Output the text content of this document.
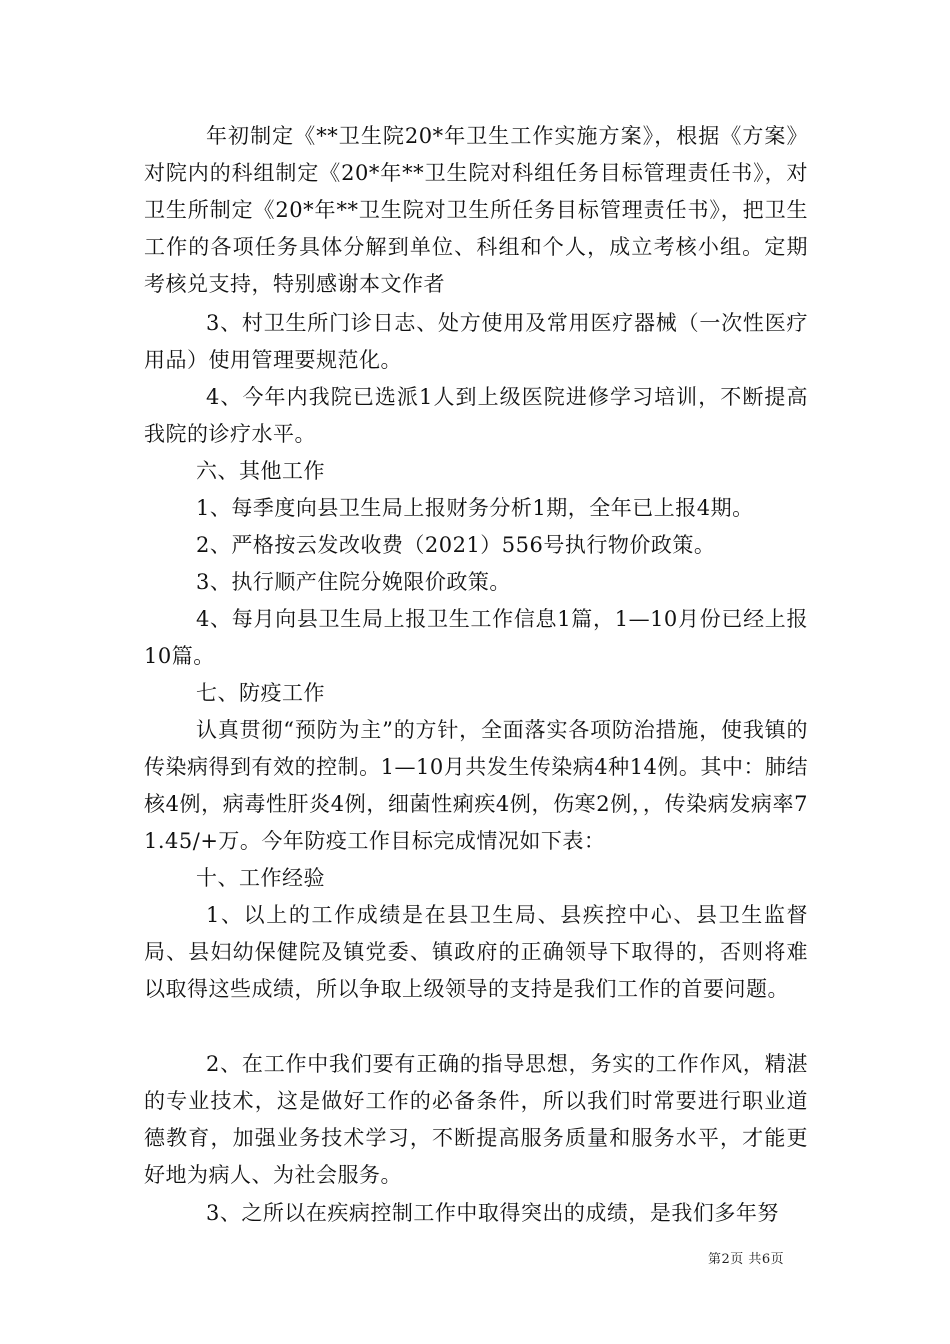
年初制定《**卫生院20*年卫生工作实施方案》，根据《方案》对院内的科组制定《20*年**卫生院对科组任务目标管理责任书》，对卫生所制定《20*年**卫生院对卫生所任务目标管理责任书》，把卫生工作的各项任务具体分解到单位、科组和个人，成立考核小组。定期考核兑支持，特别感谢本文作者

3、村卫生所门诊日志、处方使用及常用医疗器械（一次性医疗用品）使用管理要规范化。

4、今年内我院已选派1人到上级医院进修学习培训，不断提高我院的诊疗水平。

六、其他工作

1、每季度向县卫生局上报财务分析1期，全年已上报4期。

2、严格按云发改收费（2021）556号执行物价政策。

3、执行顺产住院分娩限价政策。

4、每月向县卫生局上报卫生工作信息1篇，1—10月份已经上报10篇。

七、防疫工作

认真贯彻“预防为主”的方针，全面落实各项防治措施，使我镇的传染病得到有效的控制。1—10月共发生传染病4种14例。其中：肺结核4例，病毒性肝炎4例，细菌性痢疾4例，伤寒2例，，传染病发病率71.45/+万。今年防疫工作目标完成情况如下表：

十、工作经验

1、以上的工作成绩是在县卫生局、县疾控中心、县卫生监督局、县妇幼保健院及镇党委、镇政府的正确领导下取得的，否则将难以取得这些成绩，所以争取上级领导的支持是我们工作的首要问题。

2、在工作中我们要有正确的指导思想，务实的工作作风，精湛的专业技术，这是做好工作的必备条件，所以我们时常要进行职业道德教育，加强业务技术学习，不断提高服务质量和服务水平，才能更好地为病人、为社会服务。

3、之所以在疾病控制工作中取得突出的成绩，是我们多年努

第2页 共6页
